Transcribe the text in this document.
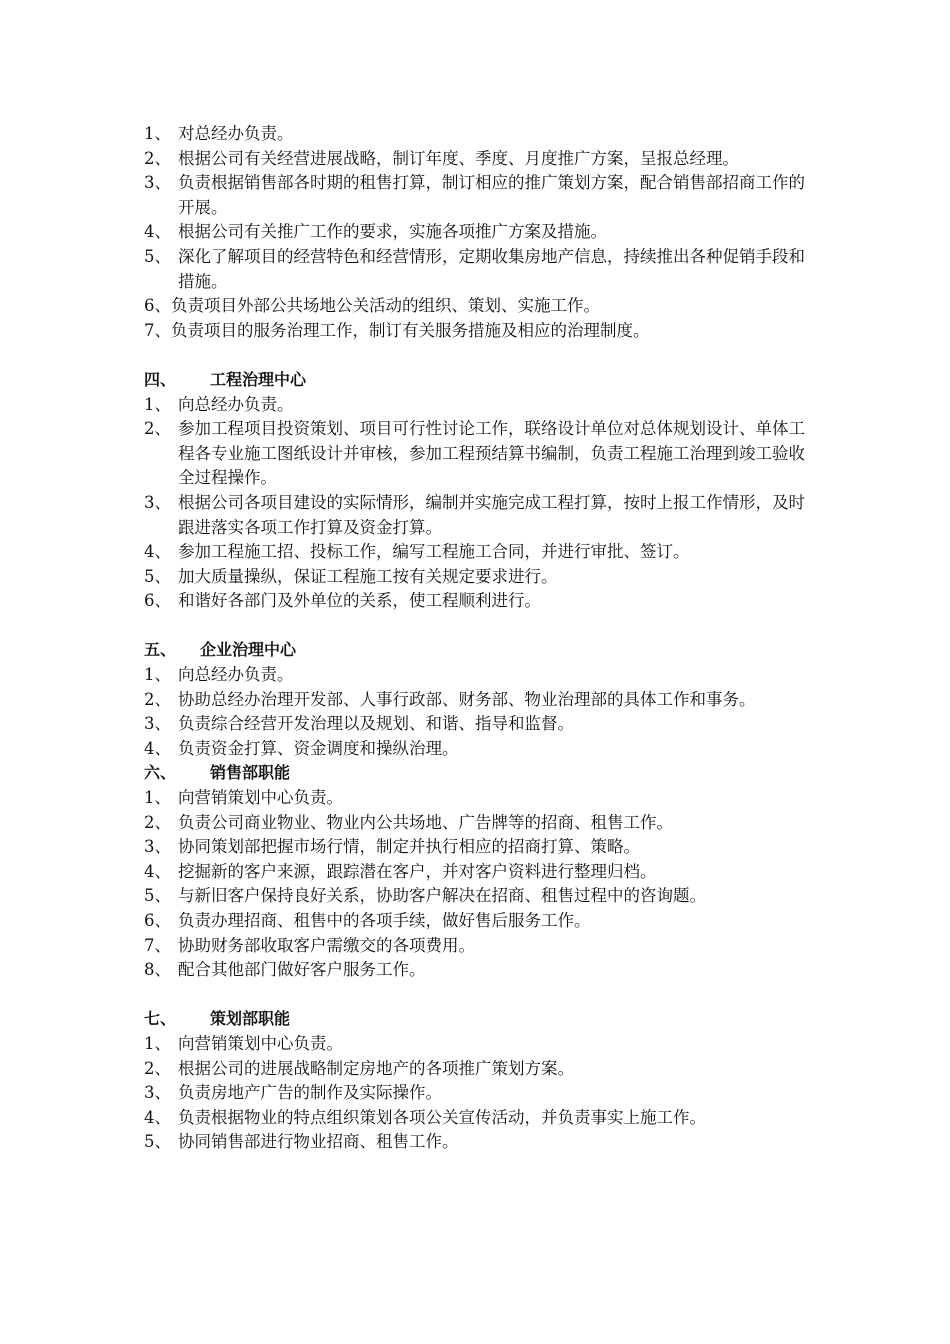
1、 对总经办负责。
2、 根据公司有关经营进展战略，制订年度、季度、月度推广方案，呈报总经理。
3、 负责根据销售部各时期的租售打算，制订相应的推广策划方案，配合销售部招商工作的开展。
4、 根据公司有关推广工作的要求，实施各项推广方案及措施。
5、 深化了解项目的经营特色和经营情形，定期收集房地产信息，持续推出各种促销手段和措施。
6、 负责项目外部公共场地公关活动的组织、策划、实施工作。
7、 负责项目的服务治理工作，制订有关服务措施及相应的治理制度。
四、	工程治理中心
1、 向总经办负责。
2、 参加工程项目投资策划、项目可行性讨论工作，联络设计单位对总体规划设计、单体工程各专业施工图纸设计并审核，参加工程预结算书编制，负责工程施工治理到竣工验收全过程操作。
3、 根据公司各项目建设的实际情形，编制并实施完成工程打算，按时上报工作情形，及时跟进落实各项工作打算及资金打算。
4、 参加工程施工招、投标工作，编写工程施工合同，并进行审批、签订。
5、 加大质量操纵，保证工程施工按有关规定要求进行。
6、 和谐好各部门及外单位的关系，使工程顺利进行。
五、	企业治理中心
1、 向总经办负责。
2、 协助总经办治理开发部、人事行政部、财务部、物业治理部的具体工作和事务。
3、 负责综合经营开发治理以及规划、和谐、指导和监督。
4、 负责资金打算、资金调度和操纵治理。
六、	销售部职能
1、 向营销策划中心负责。
2、 负责公司商业物业、物业内公共场地、广告牌等的招商、租售工作。
3、 协同策划部把握市场行情，制定并执行相应的招商打算、策略。
4、 挖掘新的客户来源，跟踪潜在客户，并对客户资料进行整理归档。
5、 与新旧客户保持良好关系，协助客户解决在招商、租售过程中的咨询题。
6、 负责办理招商、租售中的各项手续，做好售后服务工作。
7、 协助财务部收取客户需缴交的各项费用。
8、 配合其他部门做好客户服务工作。
七、	策划部职能
1、 向营销策划中心负责。
2、 根据公司的进展战略制定房地产的各项推广策划方案。
3、 负责房地产广告的制作及实际操作。
4、 负责根据物业的特点组织策划各项公关宣传活动，并负责事实上施工作。
5、 协同销售部进行物业招商、租售工作。
